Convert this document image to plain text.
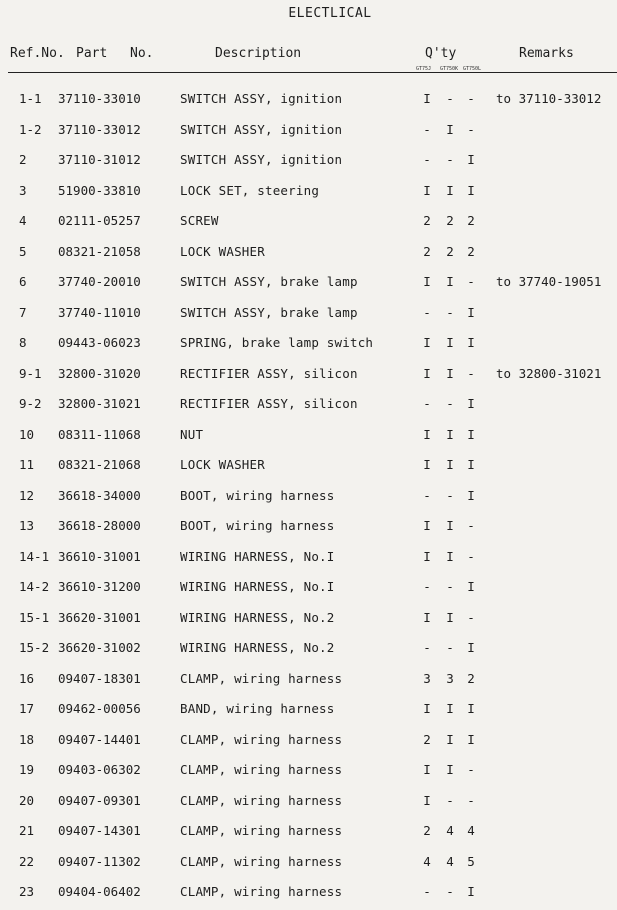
ELECTLICAL
Ref.No. Part No.	Description	Q'ty	Remarks
GT75J GT750K GT750L
1-1 37110-33010	SWITCH ASSY, ignition	I - - to 37110-33012
1-2 37110-33012	SWITCH ASSY, ignition	- I -
2	37110-31012	SWITCH ASSY, ignition	- - I
3	51900-33810	LOCK SET, steering	I I I
4	02111-05257	SCREW	2 2 2
5	08321-21058	LOCK WASHER	2 2 2
6	37740-20010	SWITCH ASSY, brake lamp	I I - to 37740-19051
7	37740-11010	SWITCH ASSY, brake lamp	- - I
8	09443-06023	SPRING, brake lamp switch	I I I
9-1 32800-31020	RECTIFIER ASSY, silicon	I I - to 32800-31021
9-2 32800-31021	RECTIFIER ASSY, silicon	- - I
10 08311-11068	NUT	I I I
11 08321-21068	LOCK WASHER	I I I
12 36618-34000	BOOT, wiring harness	- - I
13 36618-28000	BOOT, wiring harness	I I -
14-1 36610-31001	WIRING HARNESS, No.I	I I -
14-2 36610-31200	WIRING HARNESS, No.I	- - I
15-1 36620-31001	WIRING HARNESS, No.2	I I -
15-2 36620-31002	WIRING HARNESS, No.2	- - I
16 09407-18301	CLAMP, wiring harness	3 3 2
17 09462-00056	BAND, wiring harness	I I I
18 09407-14401	CLAMP, wiring harness	2 I I
19 09403-06302	CLAMP, wiring harness	I I -
20 09407-09301	CLAMP, wiring harness	I - -
21 09407-14301	CLAMP, wiring harness	2 4 4
22 09407-11302	CLAMP, wiring harness	4 4 5
23 09404-06402	CLAMP, wiring harness	- - I
